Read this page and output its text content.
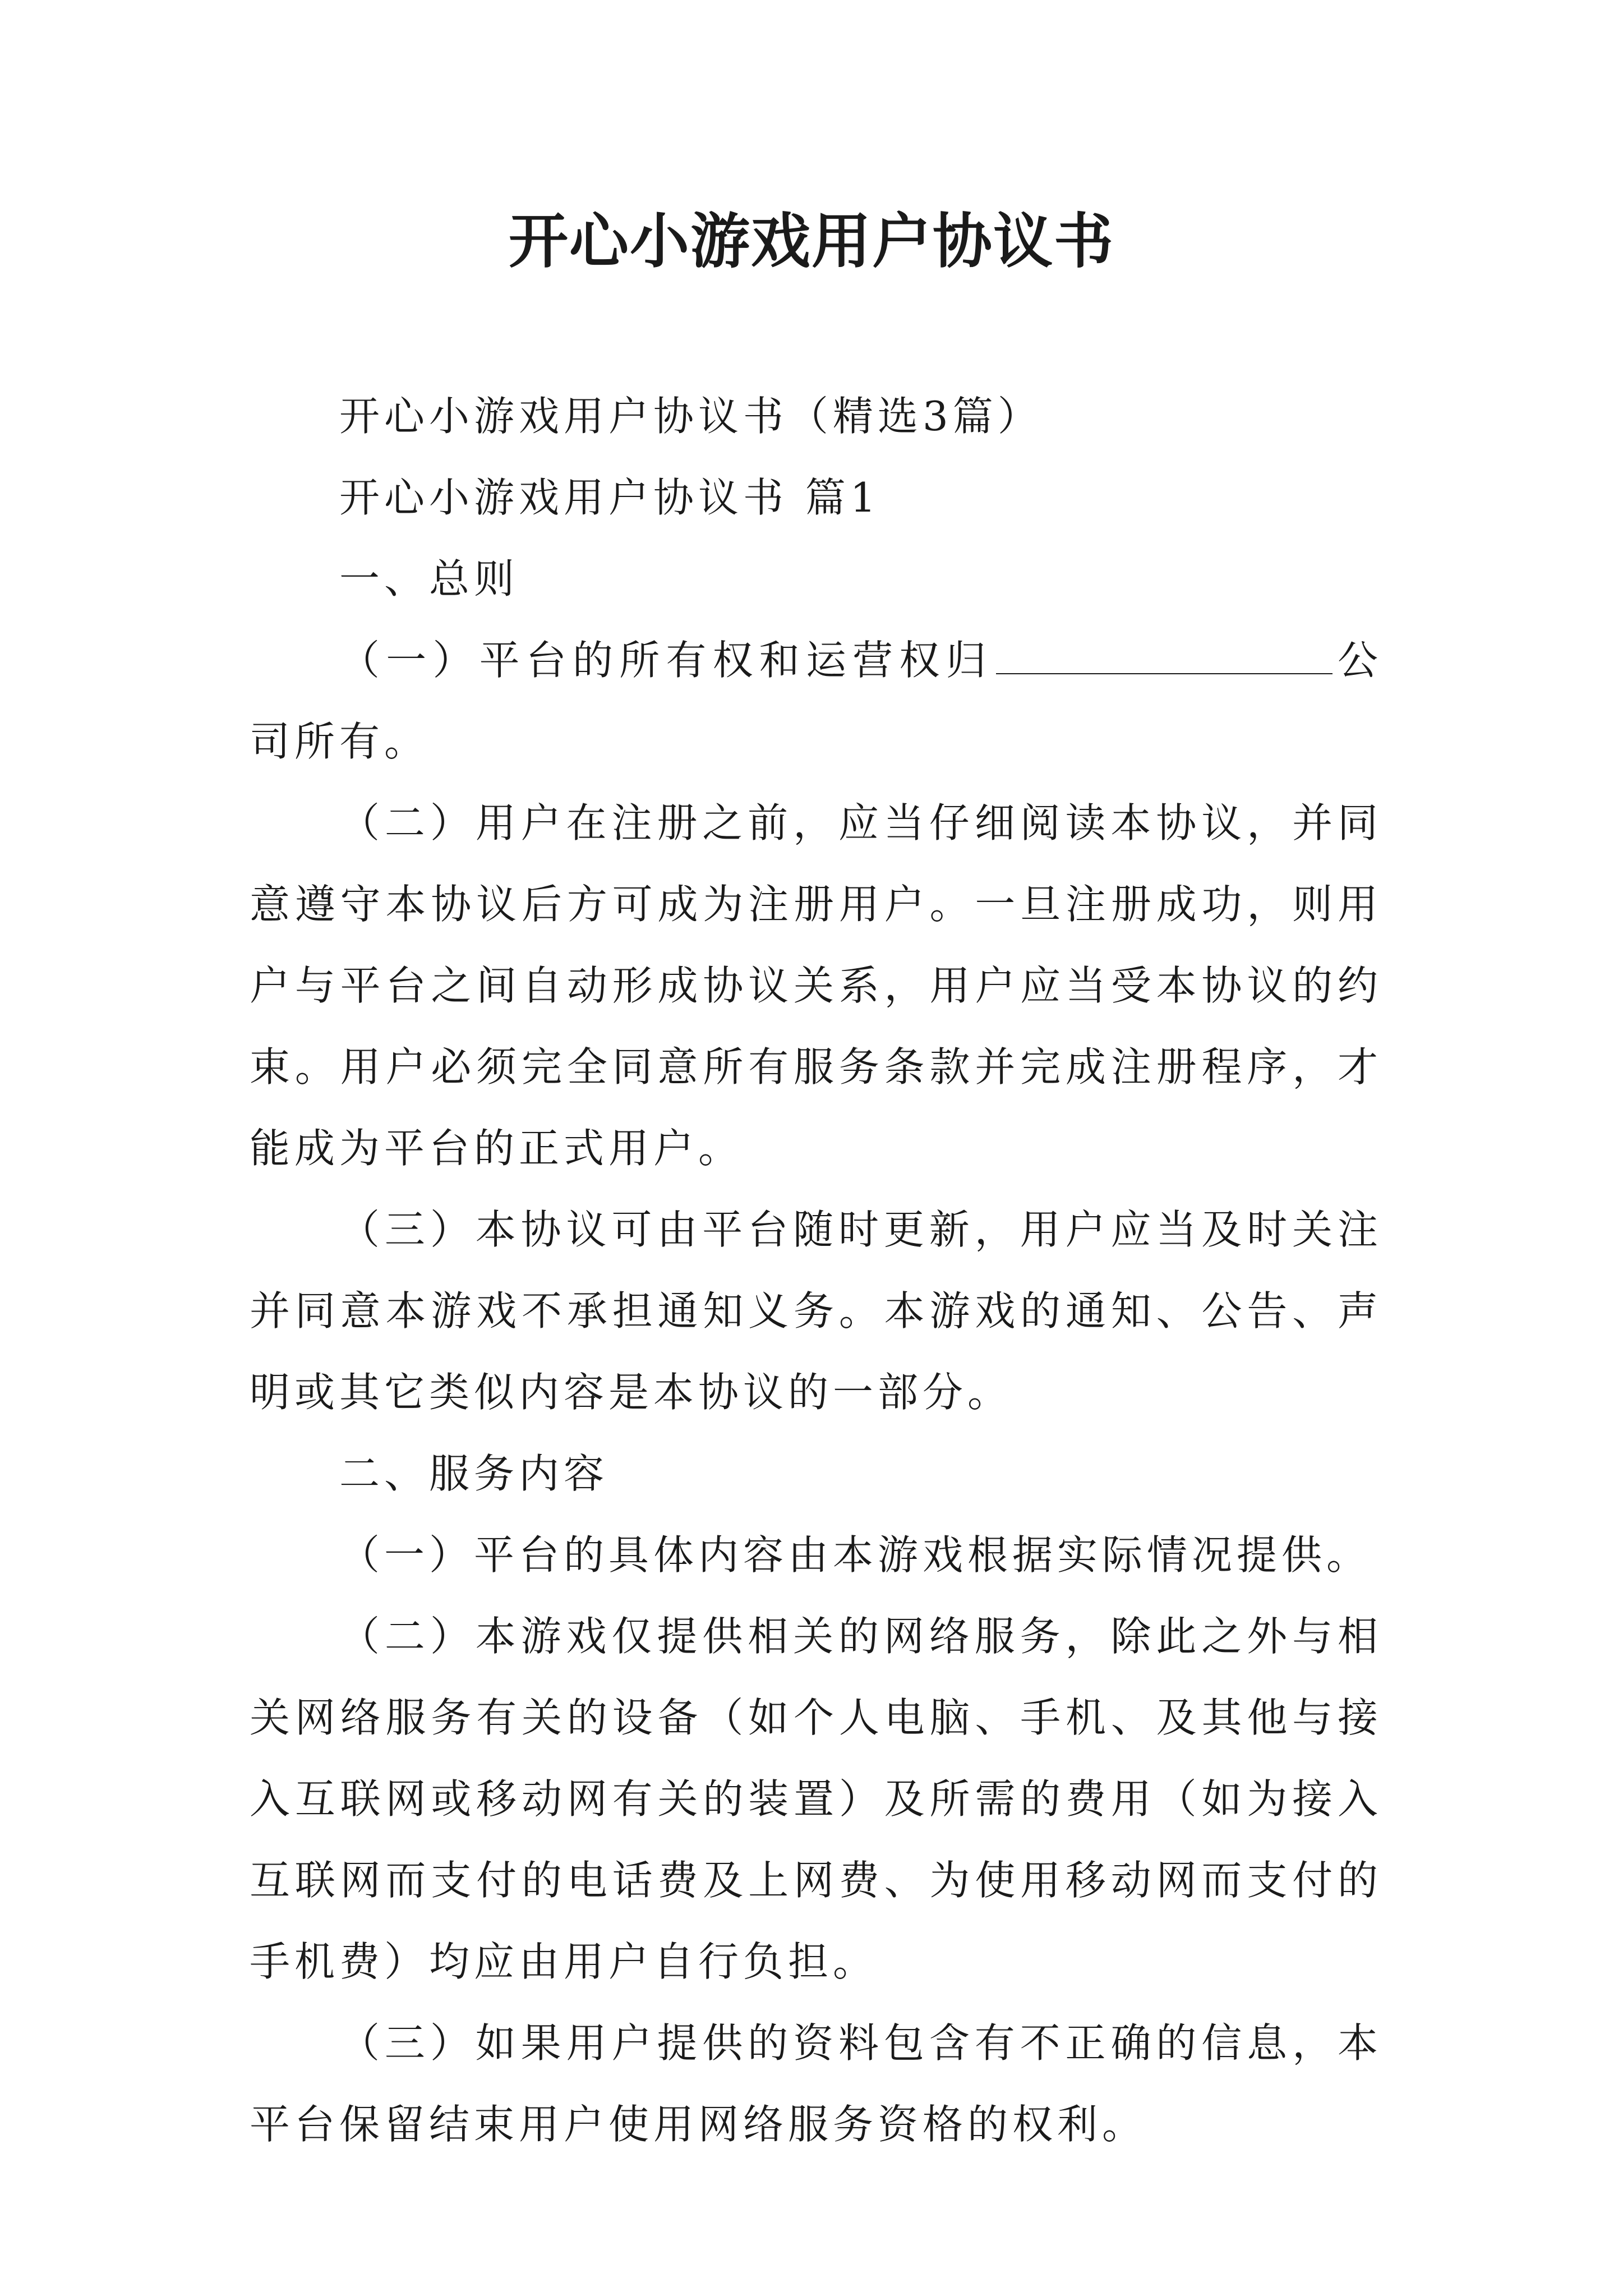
开心小游戏用户协议书

开心小游戏用户协议书（精选3篇）

开心小游戏用户协议书 篇1

一、总则

（一）平台的所有权和运营权归	公司所有。

（二）用户在注册之前，应当仔细阅读本协议，并同意遵守本协议后方可成为注册用户。一旦注册成功，则用户与平台之间自动形成协议关系，用户应当受本协议的约束。用户必须完全同意所有服务条款并完成注册程序，才能成为平台的正式用户。

（三）本协议可由平台随时更新，用户应当及时关注并同意本游戏不承担通知义务。本游戏的通知、公告、声明或其它类似内容是本协议的一部分。

二、服务内容

（一）平台的具体内容由本游戏根据实际情况提供。

（二）本游戏仅提供相关的网络服务，除此之外与相关网络服务有关的设备（如个人电脑、手机、及其他与接入互联网或移动网有关的装置）及所需的费用（如为接入互联网而支付的电话费及上网费、为使用移动网而支付的手机费）均应由用户自行负担。

（三）如果用户提供的资料包含有不正确的信息，本平台保留结束用户使用网络服务资格的权利。
